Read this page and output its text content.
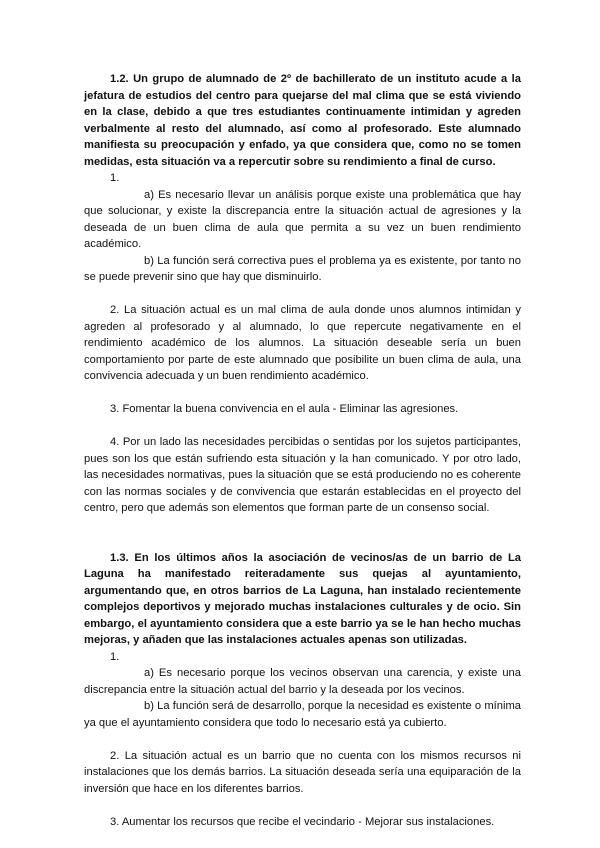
1.2. Un grupo de alumnado de 2º de bachillerato de un instituto acude a la jefatura de estudios del centro para quejarse del mal clima que se está viviendo en la clase, debido a que tres estudiantes continuamente intimidan y agreden verbalmente al resto del alumnado, así como al profesorado. Este alumnado manifiesta su preocupación y enfado, ya que considera que, como no se tomen medidas, esta situación va a repercutir sobre su rendimiento a final de curso.

1.

a) Es necesario llevar un análisis porque existe una problemática que hay que solucionar, y existe la discrepancia entre la situación actual de agresiones y la deseada de un buen clima de aula que permita a su vez un buen rendimiento académico.

b) La función será correctiva pues el problema ya es existente, por tanto no se puede prevenir sino que hay que disminuirlo.

2. La situación actual es un mal clima de aula donde unos alumnos intimidan y agreden al profesorado y al alumnado, lo que repercute negativamente en el rendimiento académico de los alumnos. La situación deseable sería un buen comportamiento por parte de este alumnado que posibilite un buen clima de aula, una convivencia adecuada y un buen rendimiento académico.

3. Fomentar la buena convivencia en el aula - Eliminar las agresiones.

4. Por un lado las necesidades percibidas o sentidas por los sujetos participantes, pues son los que están sufriendo esta situación y la han comunicado. Y por otro lado, las necesidades normativas, pues la situación que se está produciendo no es coherente con las normas sociales y de convivencia que estarán establecidas en el proyecto del centro, pero que además son elementos que forman parte de un consenso social.

1.3. En los últimos años la asociación de vecinos/as de un barrio de La Laguna ha manifestado reiteradamente sus quejas al ayuntamiento, argumentando que, en otros barrios de La Laguna, han instalado recientemente complejos deportivos y mejorado muchas instalaciones culturales y de ocio. Sin embargo, el ayuntamiento considera que a este barrio ya se le han hecho muchas mejoras, y añaden que las instalaciones actuales apenas son utilizadas.

1.

a) Es necesario porque los vecinos observan una carencia, y existe una discrepancia entre la situación actual del barrio y la deseada por los vecinos.

b) La función será de desarrollo, porque la necesidad es existente o mínima ya que el ayuntamiento considera que todo lo necesario está ya cubierto.

2. La situación actual es un barrio que no cuenta con los mismos recursos ni instalaciones que los demás barrios. La situación deseada sería una equiparación de la inversión que hace en los diferentes barrios.

3. Aumentar los recursos que recibe el vecindario - Mejorar sus instalaciones.
